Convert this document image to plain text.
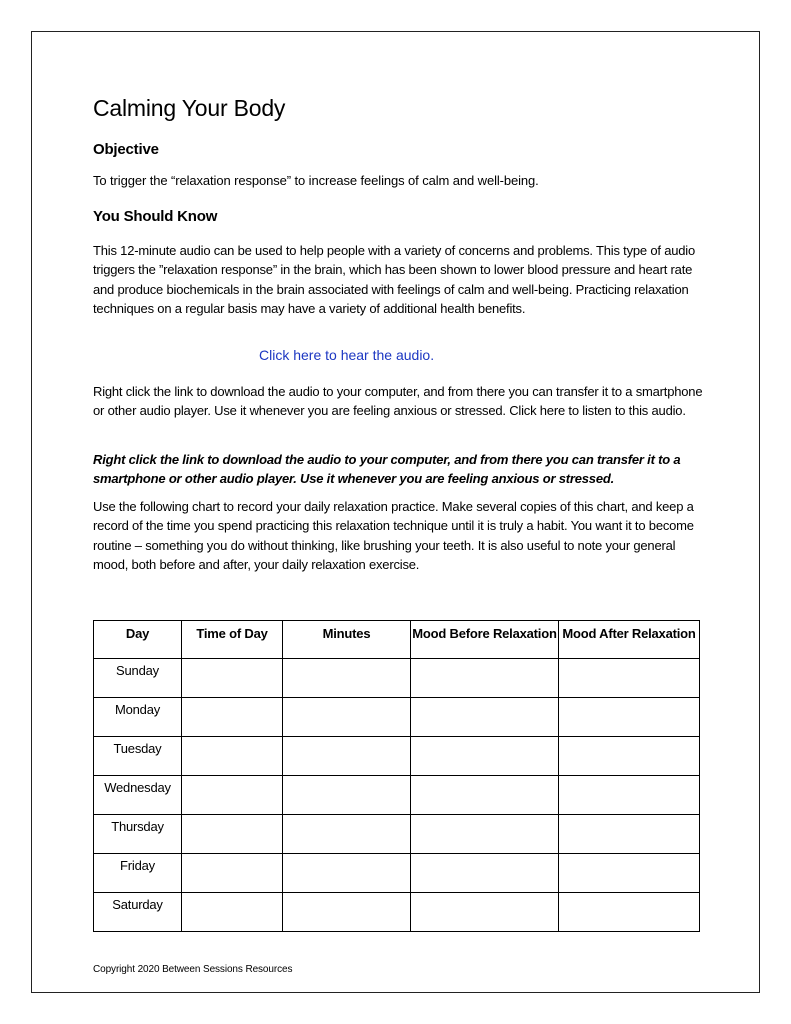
Calming Your Body
Objective
To trigger the “relaxation response” to increase feelings of calm and well-being.
You Should Know
This 12-minute audio can be used to help people with a variety of concerns and problems. This type of audio triggers the ”relaxation response” in the brain, which has been shown to lower blood pressure and heart rate and produce biochemicals in the brain associated with feelings of calm and well-being. Practicing relaxation techniques on a regular basis may have a variety of additional health benefits.
Click here to hear the audio.
Right click the link to download the audio to your computer, and from there you can transfer it to a smartphone or other audio player. Use it whenever you are feeling anxious or stressed. Click here to listen to this audio.
Right click the link to download the audio to your computer, and from there you can transfer it to a smartphone or other audio player. Use it whenever you are feeling anxious or stressed.
Use the following chart to record your daily relaxation practice. Make several copies of this chart, and keep a record of the time you spend practicing this relaxation technique until it is truly a habit. You want it to become routine – something you do without thinking, like brushing your teeth. It is also useful to note your general mood, both before and after, your daily relaxation exercise.
Day	Time of Day	Minutes	Mood Before Relaxation	Mood After Relaxation
Sunday				
Monday				
Tuesday				
Wednesday				
Thursday				
Friday				
Saturday				
Copyright 2020 Between Sessions Resources
